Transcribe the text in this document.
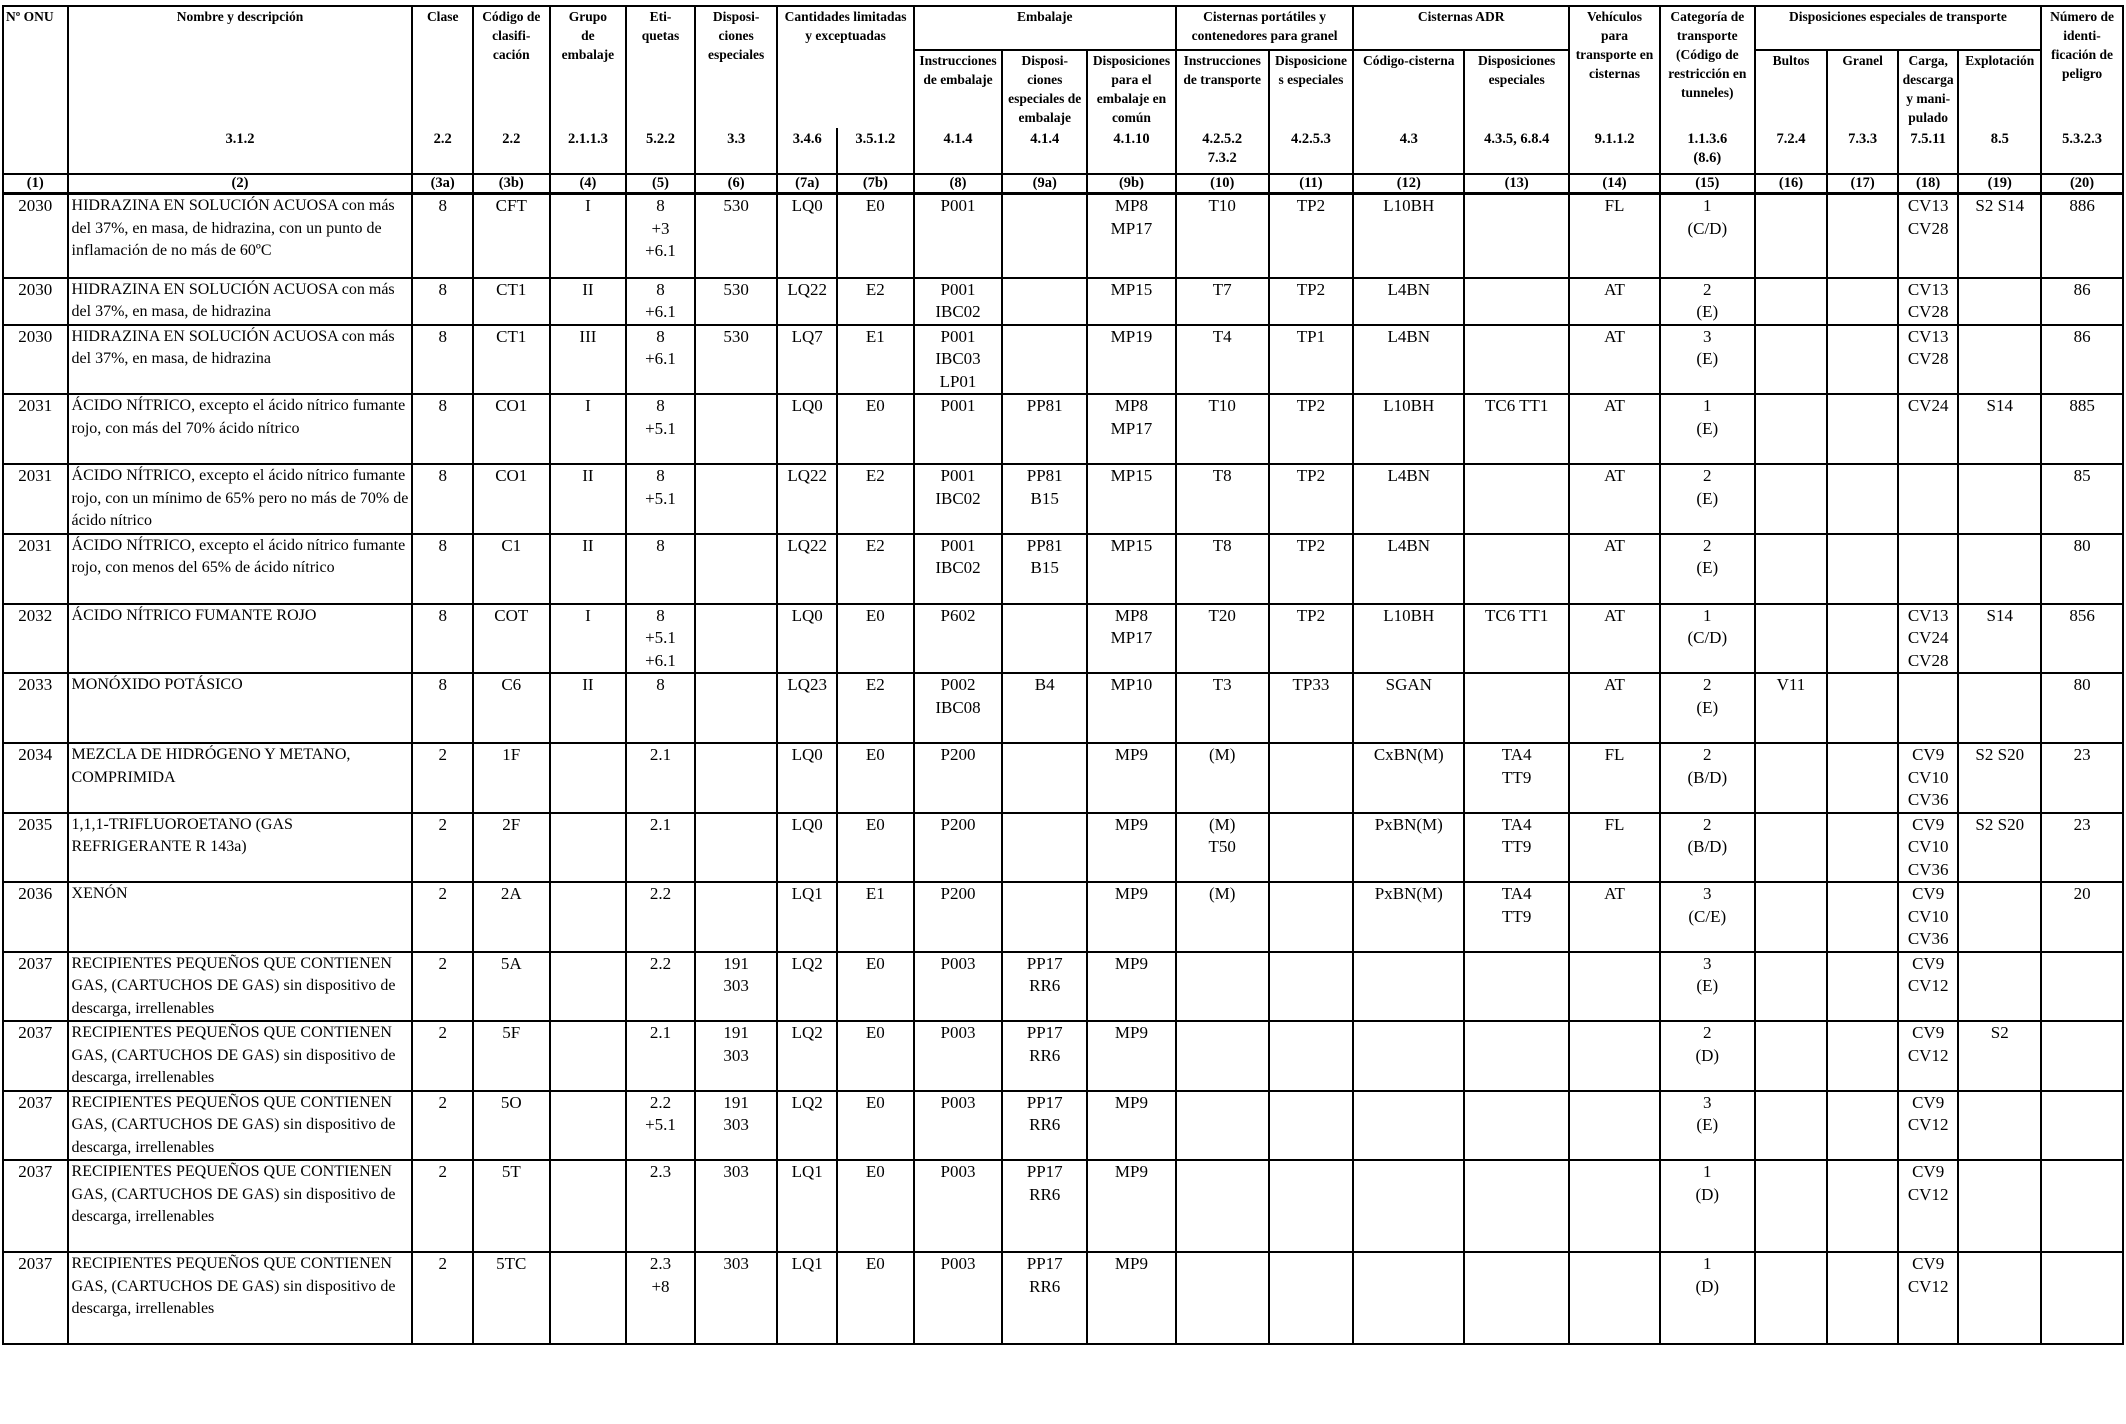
Nº ONU	Nombre y descripción	Clase	Código de
clasifi-
cación	Grupo
de
embalaje	Eti-
quetas	Disposi-
ciones
especiales	Cantidades limitadas
y exceptuadas		Embalaje			Cisternas portátiles y
contenedores para granel		Cisternas ADR		Vehículos
para
transporte en
cisternas	Categoría de
transporte
(Código de
restricción en
tunneles)	Disposiciones especiales de transporte				Número de
identi-
ficación de
peligro

									Instrucciones
de embalaje	Disposi-
ciones
especiales de
embalaje	Disposiciones
para el
embalaje en
común	Instrucciones
de transporte	Disposicione
s especiales	Código-cisterna	Disposiciones
especiales			Bultos	Granel	Carga,
descarga
y mani-
pulado	Explotación	
	3.1.2	2.2	2.2	2.1.1.3	5.2.2	3.3	3.4.6	3.5.1.2	4.1.4	4.1.4	4.1.10	4.2.5.2
7.3.2	4.2.5.3	4.3	4.3.5, 6.8.4	9.1.1.2	1.1.3.6
(8.6)	7.2.4	7.3.3	7.5.11	8.5	5.3.2.3
(1)	(2)	(3a)	(3b)	(4)	(5)	(6)	(7a)	(7b)	(8)	(9a)	(9b)	(10)	(11)	(12)	(13)	(14)	(15)	(16)	(17)	(18)	(19)	(20)

2030	HIDRAZINA EN SOLUCIÓN ACUOSA con más del 37%, en masa, de hidrazina, con un punto de inflamación de no más de 60ºC	8	CFT	I	8
+3
+6.1	530	LQ0	E0	P001		MP8
MP17	T10	TP2	L10BH		FL	1
(C/D)			CV13
CV28	S2 S14	886

2030	HIDRAZINA EN SOLUCIÓN ACUOSA con más del 37%, en masa, de hidrazina	8	CT1	II	8
+6.1	530	LQ22	E2	P001
IBC02		MP15	T7	TP2	L4BN		AT	2
(E)			CV13
CV28		86

2030	HIDRAZINA EN SOLUCIÓN ACUOSA con más del 37%, en masa, de hidrazina	8	CT1	III	8
+6.1	530	LQ7	E1	P001
IBC03
LP01		MP19	T4	TP1	L4BN		AT	3
(E)			CV13
CV28		86

2031	ÁCIDO NÍTRICO, excepto el ácido nítrico fumante rojo, con más del 70% ácido nítrico	8	CO1	I	8
+5.1		LQ0	E0	P001	PP81	MP8
MP17	T10	TP2	L10BH	TC6 TT1	AT	1
(E)			CV24	S14	885

2031	ÁCIDO NÍTRICO, excepto el ácido nítrico fumante rojo, con un mínimo de 65% pero no más de 70% de ácido nítrico	8	CO1	II	8
+5.1		LQ22	E2	P001
IBC02	PP81
B15	MP15	T8	TP2	L4BN		AT	2
(E)					85

2031	ÁCIDO NÍTRICO, excepto el ácido nítrico fumante rojo, con menos del 65% de ácido nítrico	8	C1	II	8		LQ22	E2	P001
IBC02	PP81
B15	MP15	T8	TP2	L4BN		AT	2
(E)					80

2032	ÁCIDO NÍTRICO FUMANTE ROJO	8	COT	I	8
+5.1
+6.1		LQ0	E0	P602		MP8
MP17	T20	TP2	L10BH	TC6 TT1	AT	1
(C/D)			CV13
CV24
CV28	S14	856

2033	MONÓXIDO POTÁSICO	8	C6	II	8		LQ23	E2	P002
IBC08	B4	MP10	T3	TP33	SGAN		AT	2
(E)	V11				80

2034	MEZCLA DE HIDRÓGENO Y METANO, COMPRIMIDA	2	1F		2.1		LQ0	E0	P200		MP9	(M)		CxBN(M)	TA4
TT9	FL	2
(B/D)			CV9
CV10
CV36	S2 S20	23

2035	1,1,1-TRIFLUOROETANO (GAS REFRIGERANTE R 143a)	2	2F		2.1		LQ0	E0	P200		MP9	(M)
T50		PxBN(M)	TA4
TT9	FL	2
(B/D)			CV9
CV10
CV36	S2 S20	23

2036	XENÓN	2	2A		2.2		LQ1	E1	P200		MP9	(M)		PxBN(M)	TA4
TT9	AT	3
(C/E)			CV9
CV10
CV36		20

2037	RECIPIENTES PEQUEÑOS QUE CONTIENEN GAS, (CARTUCHOS DE GAS) sin dispositivo de descarga, irrellenables	2	5A		2.2	191
303	LQ2	E0	P003	PP17
RR6	MP9						3
(E)			CV9
CV12		

2037	RECIPIENTES PEQUEÑOS QUE CONTIENEN GAS, (CARTUCHOS DE GAS) sin dispositivo de descarga, irrellenables	2	5F		2.1	191
303	LQ2	E0	P003	PP17
RR6	MP9						2
(D)			CV9
CV12	S2	

2037	RECIPIENTES PEQUEÑOS QUE CONTIENEN GAS, (CARTUCHOS DE GAS) sin dispositivo de descarga, irrellenables	2	5O		2.2
+5.1	191
303	LQ2	E0	P003	PP17
RR6	MP9						3
(E)			CV9
CV12		

2037	RECIPIENTES PEQUEÑOS QUE CONTIENEN GAS, (CARTUCHOS DE GAS) sin dispositivo de descarga, irrellenables	2	5T		2.3	303	LQ1	E0	P003	PP17
RR6	MP9						1
(D)			CV9
CV12		

2037	RECIPIENTES PEQUEÑOS QUE CONTIENEN GAS, (CARTUCHOS DE GAS) sin dispositivo de descarga, irrellenables	2	5TC		2.3
+8	303	LQ1	E0	P003	PP17
RR6	MP9						1
(D)			CV9
CV12		
